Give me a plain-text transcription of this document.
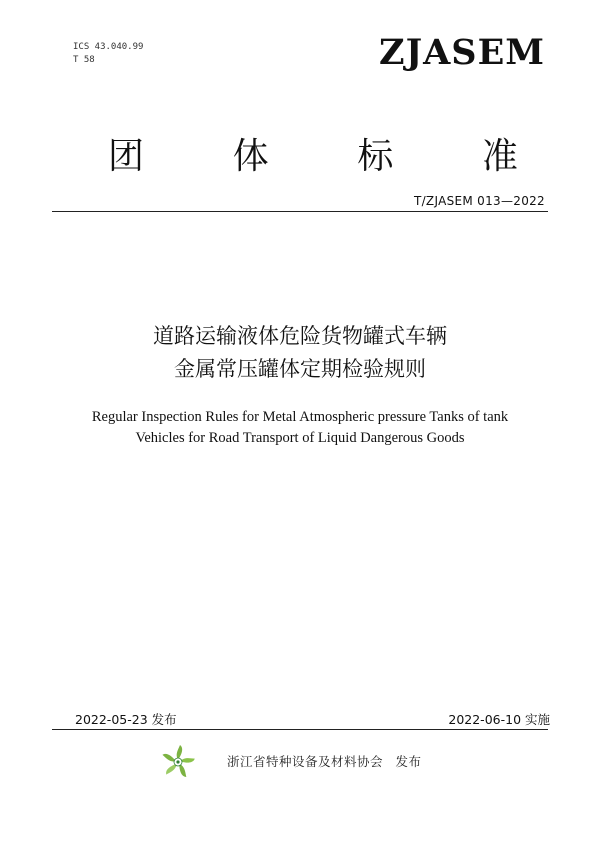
ICS 43.040.99
T 58	ZJASEM
团 体 标 准
T/ZJASEM 013—2022
道路运输液体危险货物罐式车辆
金属常压罐体定期检验规则
Regular Inspection Rules for Metal Atmospheric pressure Tanks of tank
Vehicles for Road Transport of Liquid Dangerous Goods
2022-05-23 发布	2022-06-10 实施
浙江省特种设备及材料协会 发布
